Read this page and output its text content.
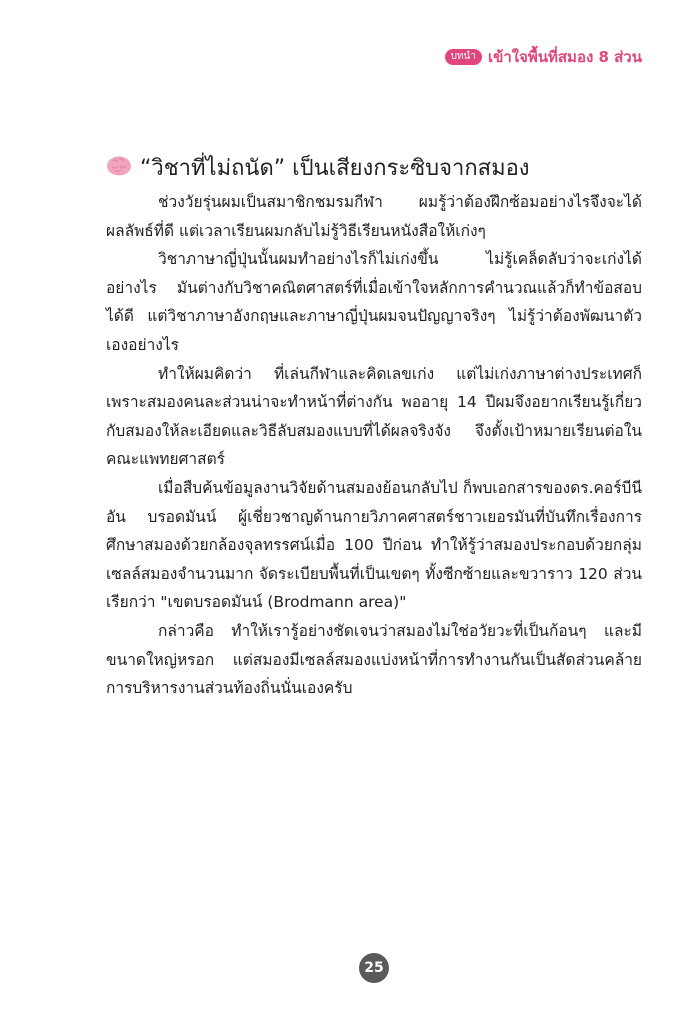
บทนำ เข้าใจพื้นที่สมอง 8 ส่วน
“วิชาที่ไม่ถนัด” เป็นเสียงกระซิบจากสมอง

ช่วงวัยรุ่นผมเป็นสมาชิกชมรมกีฬา ผมรู้ว่าต้องฝึกซ้อมอย่างไรจึงจะได้ผลลัพธ์ที่ดี แต่เวลาเรียนผมกลับไม่รู้วิธีเรียนหนังสือให้เก่งๆ

วิชาภาษาญี่ปุ่นนั้นผมทำอย่างไรก็ไม่เก่งขึ้น ไม่รู้เคล็ดลับว่าจะเก่งได้อย่างไร มันต่างกับวิชาคณิตศาสตร์ที่เมื่อเข้าใจหลักการคำนวณแล้วก็ทำข้อสอบได้ดี แต่วิชาภาษาอังกฤษและภาษาญี่ปุ่นผมจนปัญญาจริงๆ ไม่รู้ว่าต้องพัฒนาตัวเองอย่างไร

ทำให้ผมคิดว่า ที่เล่นกีฬาและคิดเลขเก่ง แต่ไม่เก่งภาษาต่างประเทศก็เพราะสมองคนละส่วนน่าจะทำหน้าที่ต่างกัน พออายุ 14 ปีผมจึงอยากเรียนรู้เกี่ยวกับสมองให้ละเอียดและวิธีลับสมองแบบที่ได้ผลจริงจัง จึงตั้งเป้าหมายเรียนต่อในคณะแพทยศาสตร์

เมื่อสืบค้นข้อมูลงานวิจัยด้านสมองย้อนกลับไป ก็พบเอกสารของดร.คอร์บีนีอัน บรอดมันน์ ผู้เชี่ยวชาญด้านกายวิภาคศาสตร์ชาวเยอรมันที่บันทึกเรื่องการศึกษาสมองด้วยกล้องจุลทรรศน์เมื่อ 100 ปีก่อน ทำให้รู้ว่าสมองประกอบด้วยกลุ่มเซลล์สมองจำนวนมาก จัดระเบียบพื้นที่เป็นเขตๆ ทั้งซีกซ้ายและขวาราว 120 ส่วน เรียกว่า "เขตบรอดมันน์ (Brodmann area)"

กล่าวคือ ทำให้เรารู้อย่างชัดเจนว่าสมองไม่ใช่อวัยวะที่เป็นก้อนๆ และมีขนาดใหญ่หรอก แต่สมองมีเซลล์สมองแบ่งหน้าที่การทำงานกันเป็นสัดส่วนคล้ายการบริหารงานส่วนท้องถิ่นนั่นเองครับ

25
